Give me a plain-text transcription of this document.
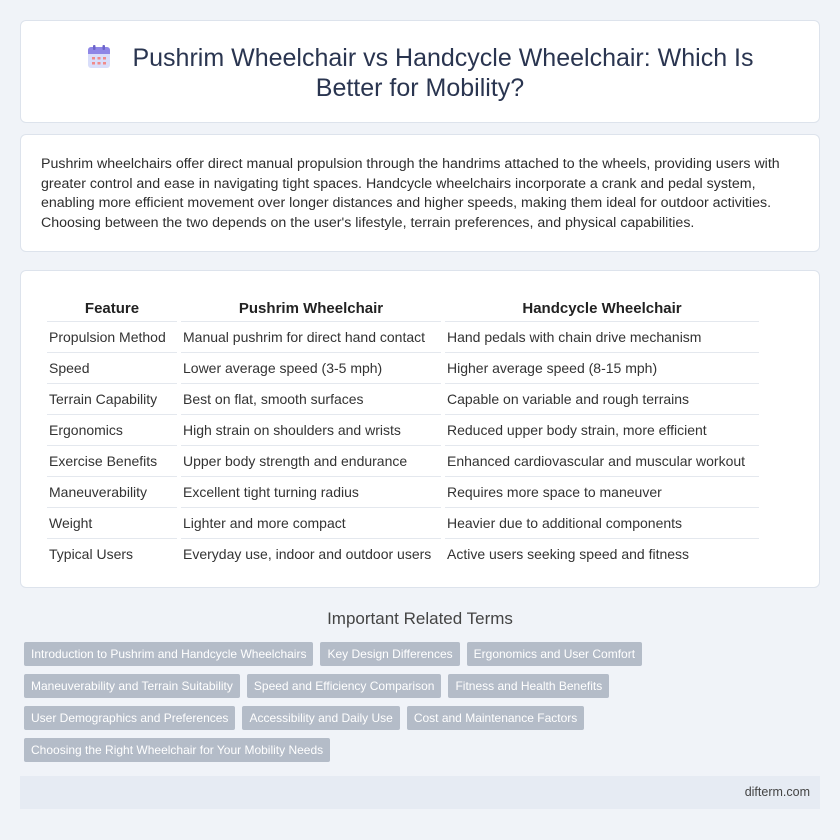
Pushrim Wheelchair vs Handcycle Wheelchair: Which Is Better for Mobility?

Pushrim wheelchairs offer direct manual propulsion through the handrims attached to the wheels, providing users with greater control and ease in navigating tight spaces. Handcycle wheelchairs incorporate a crank and pedal system, enabling more efficient movement over longer distances and higher speeds, making them ideal for outdoor activities. Choosing between the two depends on the user's lifestyle, terrain preferences, and physical capabilities.

Feature	Pushrim Wheelchair	Handcycle Wheelchair
Propulsion Method	Manual pushrim for direct hand contact	Hand pedals with chain drive mechanism
Speed	Lower average speed (3-5 mph)	Higher average speed (8-15 mph)
Terrain Capability	Best on flat, smooth surfaces	Capable on variable and rough terrains
Ergonomics	High strain on shoulders and wrists	Reduced upper body strain, more efficient
Exercise Benefits	Upper body strength and endurance	Enhanced cardiovascular and muscular workout
Maneuverability	Excellent tight turning radius	Requires more space to maneuver
Weight	Lighter and more compact	Heavier due to additional components
Typical Users	Everyday use, indoor and outdoor users	Active users seeking speed and fitness
Important Related Terms
Introduction to Pushrim and Handcycle Wheelchairs	Key Design Differences	Ergonomics and User Comfort
Maneuverability and Terrain Suitability	Speed and Efficiency Comparison	Fitness and Health Benefits
User Demographics and Preferences	Accessibility and Daily Use	Cost and Maintenance Factors
Choosing the Right Wheelchair for Your Mobility Needs
difterm.com
